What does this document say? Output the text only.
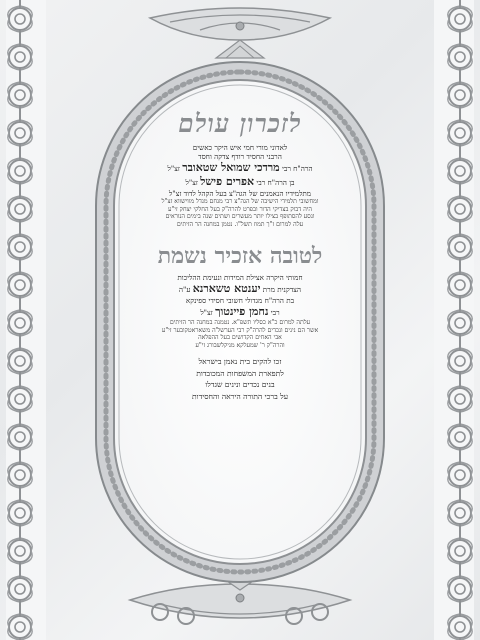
לזכרון עולם
לאדוני מורי חמי איש היקר כאשים
הרבני החסיד רודף צדקה וחסד
הרה"ח רבי מרדכי שמואל שטאובר זצ"ל
בן הרה"ח רבי אפרים פישל זצ"ל
מתלמידיו הנאמנים של הגה"צ בעל הקהל לדוד זצ"ל
ומחשובי תלמידי הישיבה של הגה"צ רבי מנחם מנדל מווישווא זצ"ל
היה דבוק בצדיקי הדור ובפרט להרה"ק בעל החלקי יצחק זי"ע
ונסע להסתופף בצילו יותר מעשרים ושתים שנה בימים הנוראים
עלה למרום ז"ך תמוז תשל"ו. נטמן במחנה הר הזיתים
לטובה אזכיר נשמת
חמותי היקרה אצילת המידות ונעימת ההליכות
הצדקנית מרת יענטא טשארנא ע"ה
בת הרה"ח מגדולי חשובי חסידי ספינקא
רבי נחמן פיינטוך זצ"ל
עלתה למרום כ"א כסליו תשפ"א. נטמנה במחנה הר הזיתים
אשר הם נינים ונכדים להרה"ק רבי הערשל'ה משאראטקובער זי"ע
אבי האחים הקדושים בעל ההפלאה
והרה"ק ר' שמעלקא מניקלשבורג זי"ע
זכו להקים בית נאמן בישראל
לתפארת המשפחות המכובדות
בנים נכדים ונינים שגדלו
על ברכי התורה היראה והחסידות
